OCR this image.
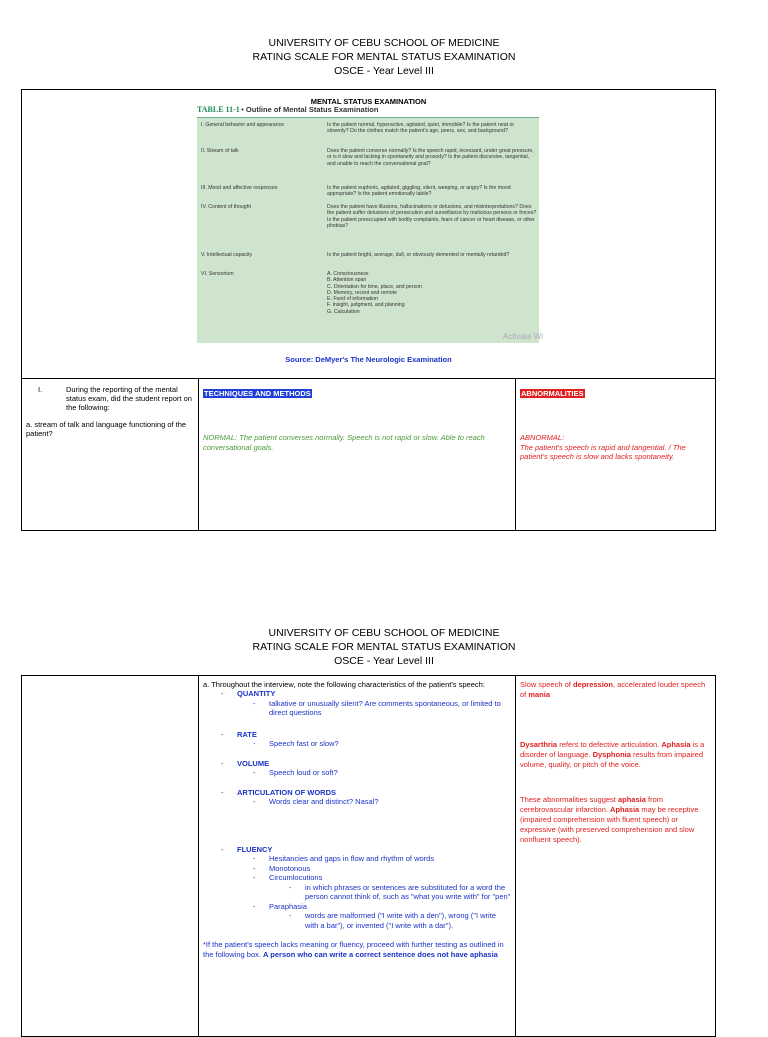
UNIVERSITY OF CEBU SCHOOL OF MEDICINE
RATING SCALE FOR MENTAL STATUS EXAMINATION
OSCE - Year Level III
MENTAL STATUS EXAMINATION
TABLE 11-1 • Outline of Mental Status Examination
I. General behavior and appearance	Is the patient normal, hyperactive, agitated, quiet, immobile? Is the patient neat or slovenly? Do the clothes match the patient's age, peers, sex, and background?
II. Stream of talk	Does the patient converse normally? Is the speech rapid, incessant, under great pressure, or is it slow and lacking in spontaneity and prosody? Is the patient discursive, tangential, and unable to reach the conversational goal?
III. Mood and affective responses	Is the patient euphoric, agitated, giggling, silent, weeping, or angry? Is the mood appropriate? Is the patient emotionally labile?
IV. Content of thought	Does the patient have illusions, hallucinations or delusions, and misinterpretations? Does the patient suffer delusions of persecution and surveillance by malicious persons or forces? Is the patient preoccupied with bodily complaints, fears of cancer or heart disease, or other phobias?
V. Intellectual capacity	Is the patient bright, average, dull, or obviously demented or mentally retarded?
VI. Sensorium	A. Consciousness
B. Attention span
C. Orientation for time, place, and person
D. Memory, recent and remote
E. Fund of information
F. Insight, judgment, and planning
G. Calculation
Activate Wi
Source: DeMyer's The Neurologic Examination
I.	During the reporting of the mental status exam, did the student report on the following:
a. stream of talk and language functioning of the patient?
	TECHNIQUES AND METHODS
NORMAL: The patient converses normally. Speech is not rapid or slow. Able to reach conversational goals.
	ABNORMALITIES
ABNORMAL:
The patient's speech is rapid and tangential. / The patient's speech is slow and lacks spontaneity.
UNIVERSITY OF CEBU SCHOOL OF MEDICINE
RATING SCALE FOR MENTAL STATUS EXAMINATION
OSCE - Year Level III

a. Throughout the interview, note the following characteristics of the patient's speech:
- QUANTITY
-	talkative or unusually silent? Are comments spontaneous, or limited to direct questions
- RATE
- Speech fast or slow?
- VOLUME
- Speech loud or soft?
- ARTICULATION OF WORDS
- Words clear and distinct? Nasal?
- FLUENCY
- Hesitancies and gaps in flow and rhythm of words
- Monotonous
- Circumlocutions
-	in which phrases or sentences are substituted for a word the person cannot think of, such as "what you write with" for "pen"
- Paraphasia
-	words are malformed ("I write with a den"), wrong ("I write with a bar"), or invented ("I write with a dar").
*If the patient's speech lacks meaning or fluency, proceed with further testing as outlined in the following box. A person who can write a correct sentence does not have aphasia

Slow speech of depression, accelerated louder speech of mania
Dysarthria refers to defective articulation. Aphasia is a disorder of language. Dysphonia results from impaired volume, quality, or pitch of the voice.
These abnormalities suggest aphasia from cerebrovascular infarction. Aphasia may be receptive (impaired comprehension with fluent speech) or expressive (with preserved comprehension and slow nonfluent speech).
